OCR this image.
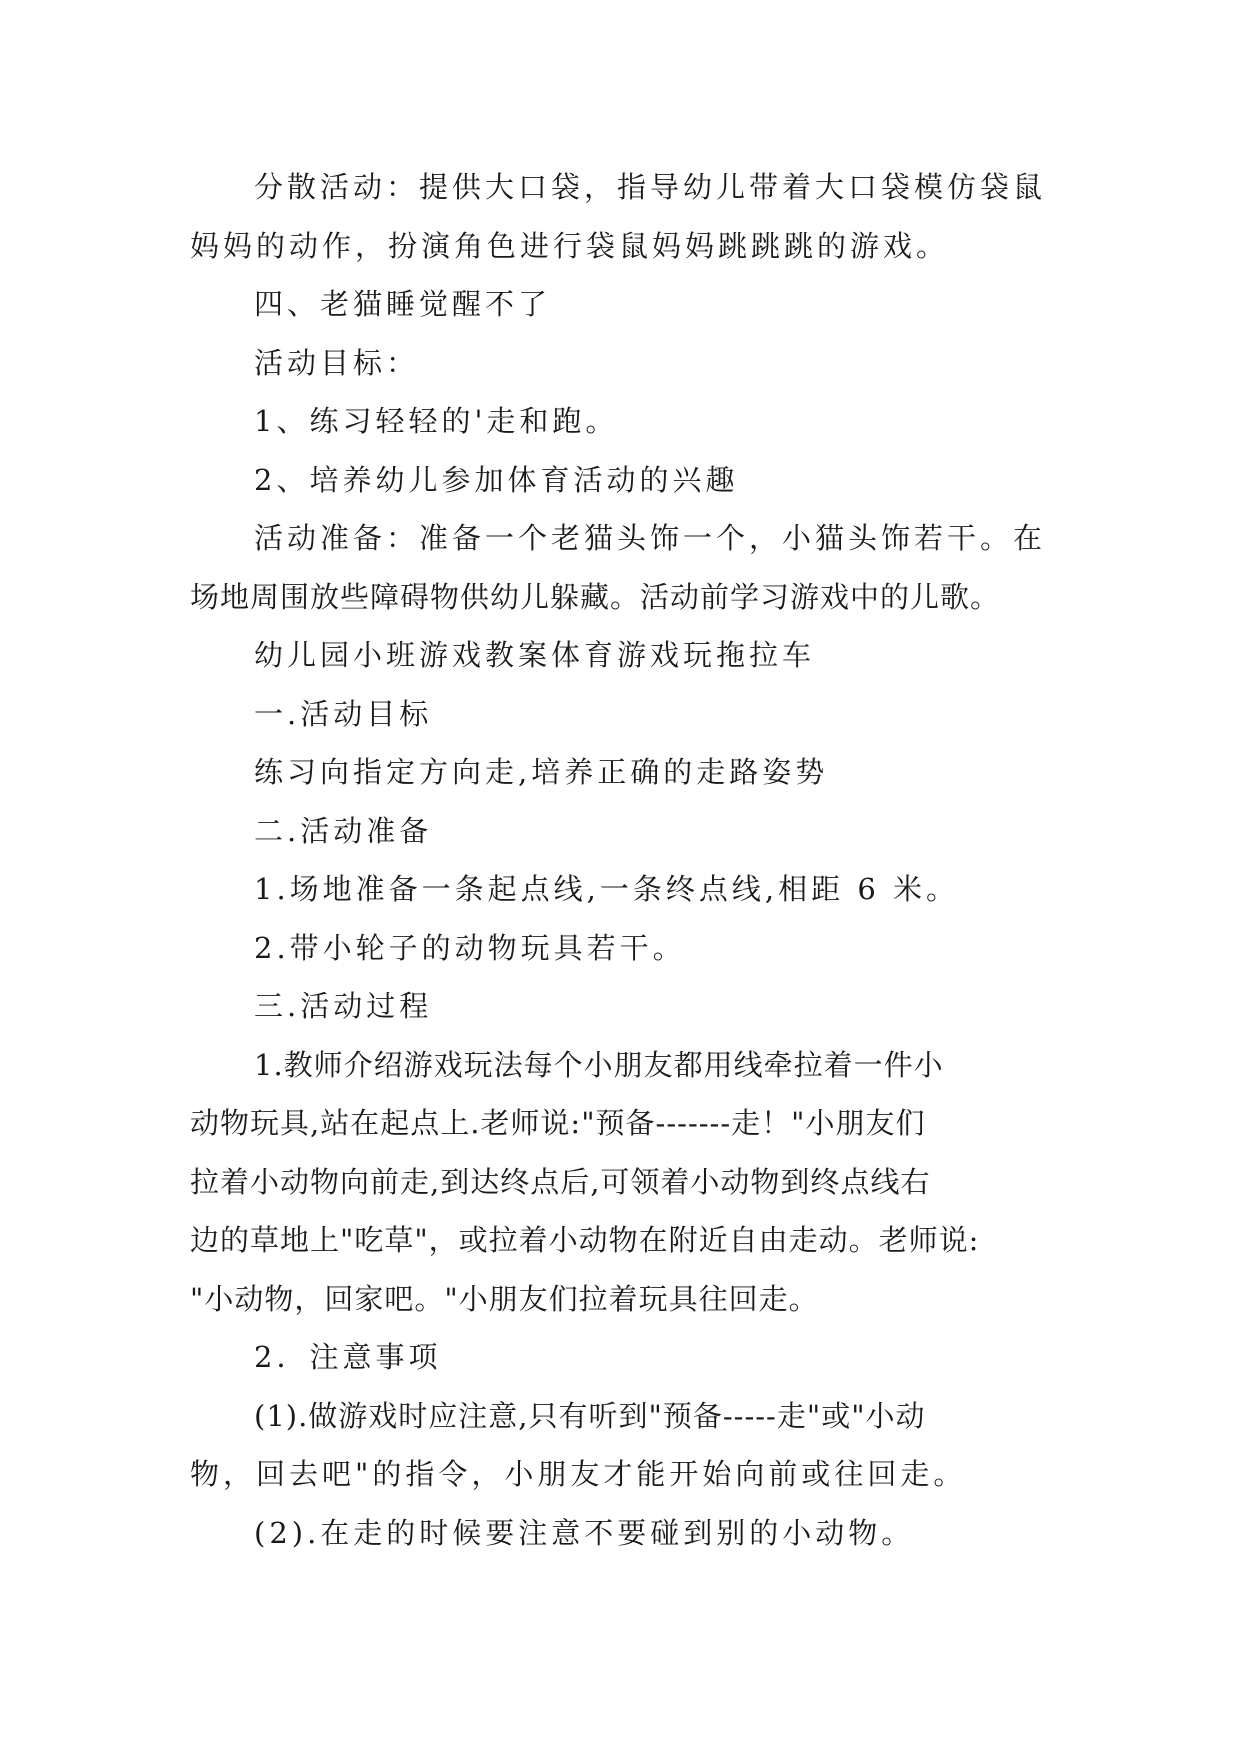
分散活动：提供大口袋，指导幼儿带着大口袋模仿袋鼠
妈妈的动作，扮演角色进行袋鼠妈妈跳跳跳的游戏。
四、老猫睡觉醒不了
活动目标：
1、练习轻轻的'走和跑。
2、培养幼儿参加体育活动的兴趣
活动准备：准备一个老猫头饰一个，小猫头饰若干。在
场地周围放些障碍物供幼儿躲藏。活动前学习游戏中的儿歌。
幼儿园小班游戏教案体育游戏玩拖拉车
一.活动目标
练习向指定方向走,培养正确的走路姿势
二.活动准备
1.场地准备一条起点线,一条终点线,相距 6 米。
2.带小轮子的动物玩具若干。
三.活动过程
1.教师介绍游戏玩法每个小朋友都用线牵拉着一件小
动物玩具,站在起点上.老师说:"预备-------走！"小朋友们
拉着小动物向前走,到达终点后,可领着小动物到终点线右
边的草地上"吃草"，或拉着小动物在附近自由走动。老师说:
"小动物，回家吧。"小朋友们拉着玩具往回走。
2．注意事项
(1).做游戏时应注意,只有听到"预备-----走"或"小动
物，回去吧"的指令，小朋友才能开始向前或往回走。
(2).在走的时候要注意不要碰到别的小动物。
